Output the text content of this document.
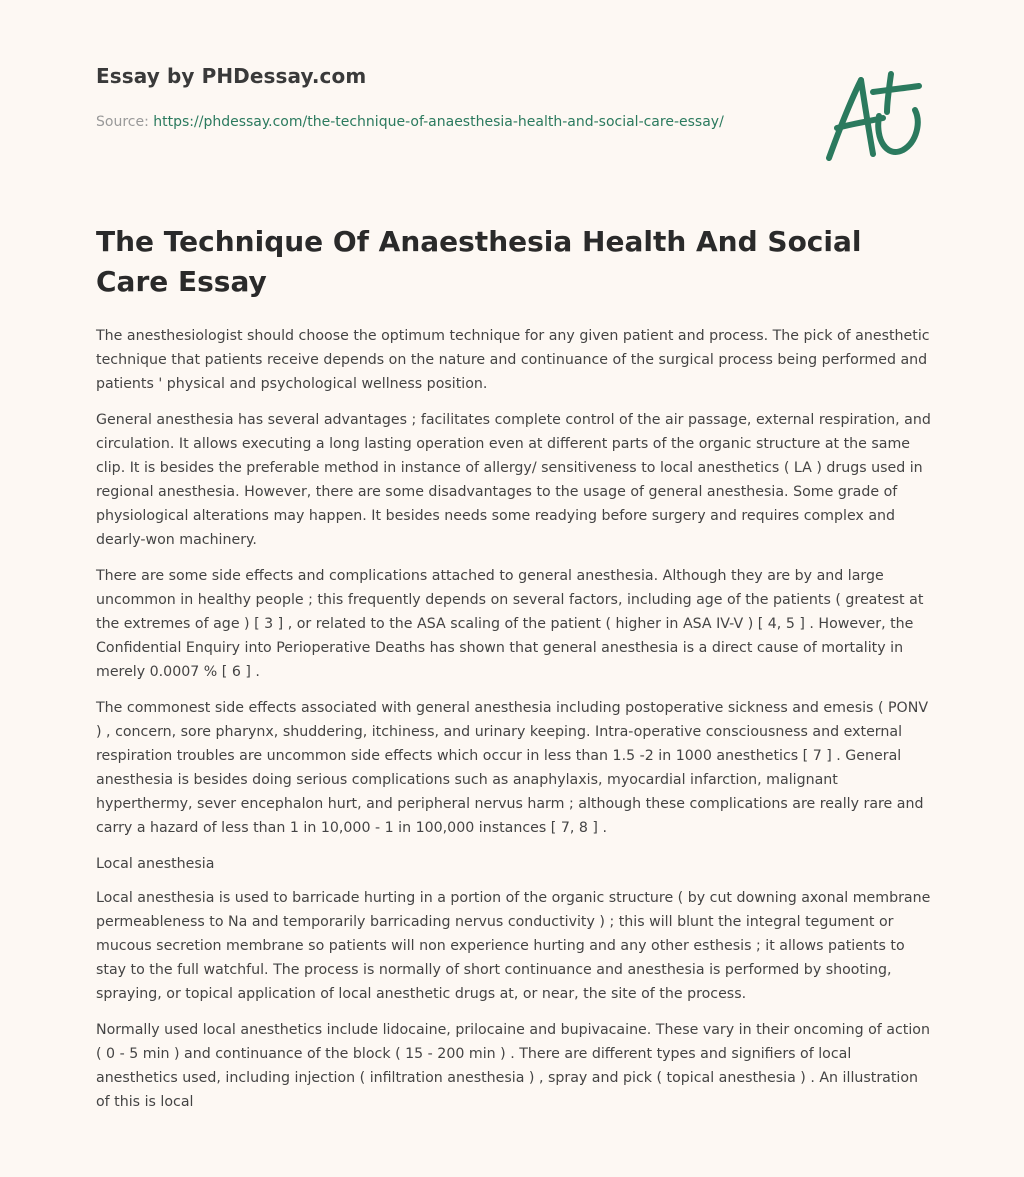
Essay by PHDessay.com

Source: https://phdessay.com/the-technique-of-anaesthesia-health-and-social-care-essay/

The Technique Of Anaesthesia Health And Social Care Essay

The anesthesiologist should choose the optimum technique for any given patient and process. The pick of anesthetic technique that patients receive depends on the nature and continuance of the surgical process being performed and patients ' physical and psychological wellness position.

General anesthesia has several advantages ; facilitates complete control of the air passage, external respiration, and circulation. It allows executing a long lasting operation even at different parts of the organic structure at the same clip. It is besides the preferable method in instance of allergy/ sensitiveness to local anesthetics ( LA ) drugs used in regional anesthesia. However, there are some disadvantages to the usage of general anesthesia. Some grade of physiological alterations may happen. It besides needs some readying before surgery and requires complex and dearly-won machinery.

There are some side effects and complications attached to general anesthesia. Although they are by and large uncommon in healthy people ; this frequently depends on several factors, including age of the patients ( greatest at the extremes of age ) [ 3 ] , or related to the ASA scaling of the patient ( higher in ASA IV-V ) [ 4, 5 ] . However, the Confidential Enquiry into Perioperative Deaths has shown that general anesthesia is a direct cause of mortality in merely 0.0007 % [ 6 ] .

The commonest side effects associated with general anesthesia including postoperative sickness and emesis ( PONV ) , concern, sore pharynx, shuddering, itchiness, and urinary keeping. Intra-operative consciousness and external respiration troubles are uncommon side effects which occur in less than 1.5 -2 in 1000 anesthetics [ 7 ] . General anesthesia is besides doing serious complications such as anaphylaxis, myocardial infarction, malignant hyperthermy, sever encephalon hurt, and peripheral nervus harm ; although these complications are really rare and carry a hazard of less than 1 in 10,000 - 1 in 100,000 instances [ 7, 8 ] .

Local anesthesia

Local anesthesia is used to barricade hurting in a portion of the organic structure ( by cut downing axonal membrane permeableness to Na and temporarily barricading nervus conductivity ) ; this will blunt the integral tegument or mucous secretion membrane so patients will non experience hurting and any other esthesis ; it allows patients to stay to the full watchful. The process is normally of short continuance and anesthesia is performed by shooting, spraying, or topical application of local anesthetic drugs at, or near, the site of the process.

Normally used local anesthetics include lidocaine, prilocaine and bupivacaine. These vary in their oncoming of action ( 0 - 5 min ) and continuance of the block ( 15 - 200 min ) . There are different types and signifiers of local anesthetics used, including injection ( infiltration anesthesia ) , spray and pick ( topical anesthesia ) . An illustration of this is local
